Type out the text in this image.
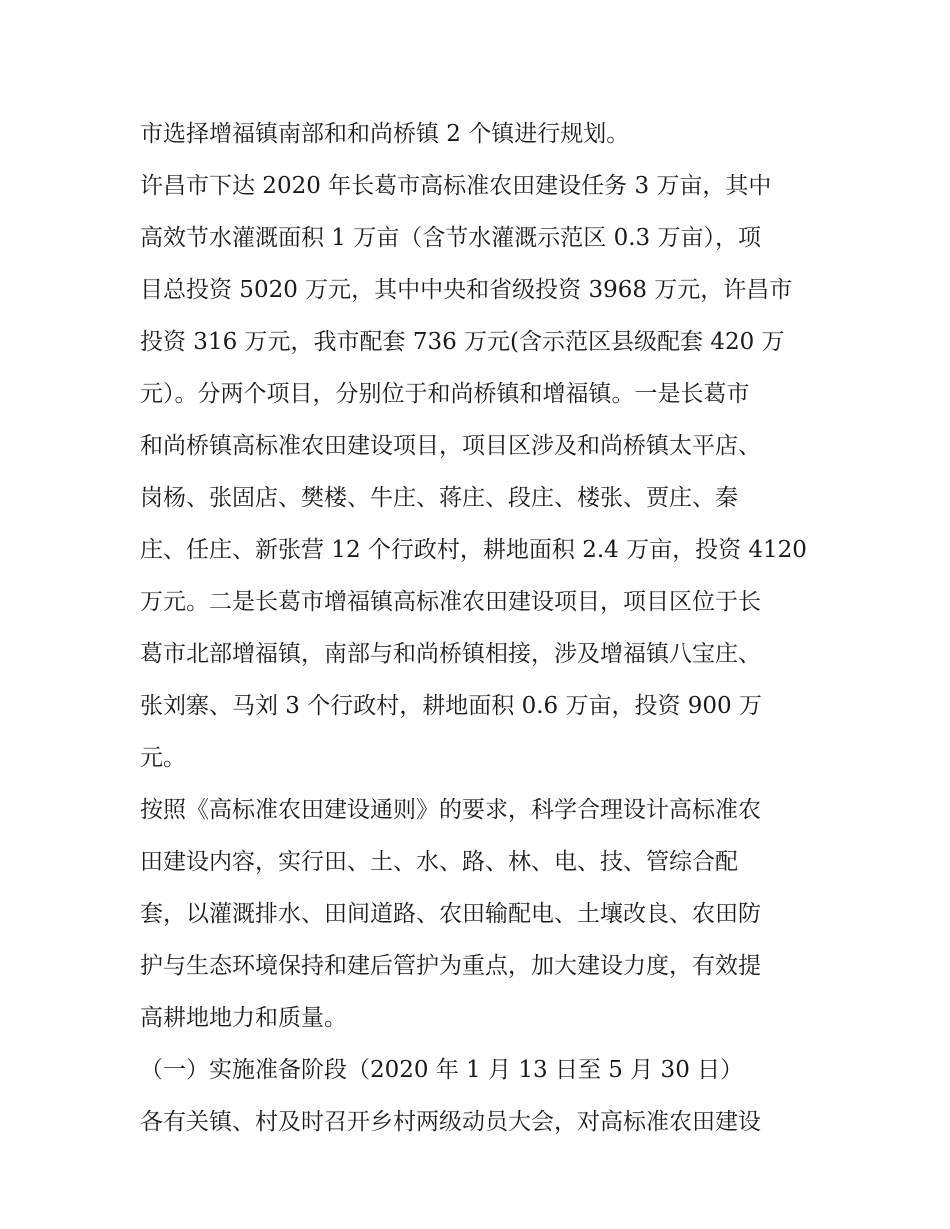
市选择增福镇南部和和尚桥镇 2 个镇进行规划。
许昌市下达 2020 年长葛市高标准农田建设任务 3 万亩，其中
高效节水灌溉面积 1 万亩（含节水灌溉示范区 0.3 万亩），项
目总投资 5020 万元，其中中央和省级投资 3968 万元，许昌市
投资 316 万元，我市配套 736 万元(含示范区县级配套 420 万
元）。分两个项目，分别位于和尚桥镇和增福镇。一是长葛市
和尚桥镇高标准农田建设项目，项目区涉及和尚桥镇太平店、
岗杨、张固店、樊楼、牛庄、蒋庄、段庄、楼张、贾庄、秦
庄、任庄、新张营 12 个行政村，耕地面积 2.4 万亩，投资 4120
万元。二是长葛市增福镇高标准农田建设项目，项目区位于长
葛市北部增福镇，南部与和尚桥镇相接，涉及增福镇八宝庄、
张刘寨、马刘 3 个行政村，耕地面积 0.6 万亩，投资 900 万
元。
按照《高标准农田建设通则》的要求，科学合理设计高标准农
田建设内容，实行田、土、水、路、林、电、技、管综合配
套，以灌溉排水、田间道路、农田输配电、土壤改良、农田防
护与生态环境保持和建后管护为重点，加大建设力度，有效提
高耕地地力和质量。
（一）实施准备阶段（2020 年 1 月 13 日至 5 月 30 日）
各有关镇、村及时召开乡村两级动员大会，对高标准农田建设
